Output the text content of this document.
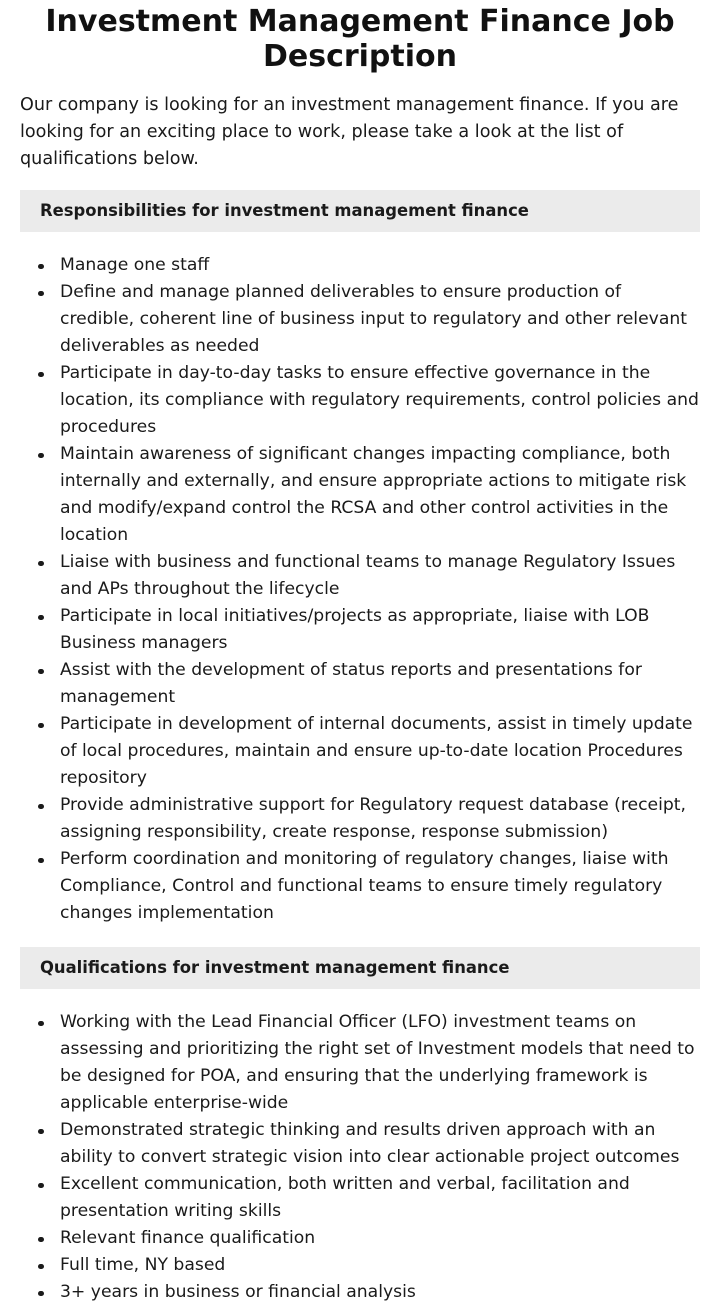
Investment Management Finance Job Description

Our company is looking for an investment management finance. If you are looking for an exciting place to work, please take a look at the list of qualifications below.

Responsibilities for investment management finance
Manage one staff
Define and manage planned deliverables to ensure production of credible, coherent line of business input to regulatory and other relevant deliverables as needed
Participate in day-to-day tasks to ensure effective governance in the location, its compliance with regulatory requirements, control policies and procedures
Maintain awareness of significant changes impacting compliance, both internally and externally, and ensure appropriate actions to mitigate risk and modify/expand control the RCSA and other control activities in the location
Liaise with business and functional teams to manage Regulatory Issues and APs throughout the lifecycle
Participate in local initiatives/projects as appropriate, liaise with LOB Business managers
Assist with the development of status reports and presentations for management
Participate in development of internal documents, assist in timely update of local procedures, maintain and ensure up-to-date location Procedures repository
Provide administrative support for Regulatory request database (receipt, assigning responsibility, create response, response submission)
Perform coordination and monitoring of regulatory changes, liaise with Compliance, Control and functional teams to ensure timely regulatory changes implementation
Qualifications for investment management finance
Working with the Lead Financial Officer (LFO) investment teams on assessing and prioritizing the right set of Investment models that need to be designed for POA, and ensuring that the underlying framework is applicable enterprise-wide
Demonstrated strategic thinking and results driven approach with an ability to convert strategic vision into clear actionable project outcomes
Excellent communication, both written and verbal, facilitation and presentation writing skills
Relevant finance qualification
Full time, NY based
3+ years in business or financial analysis
